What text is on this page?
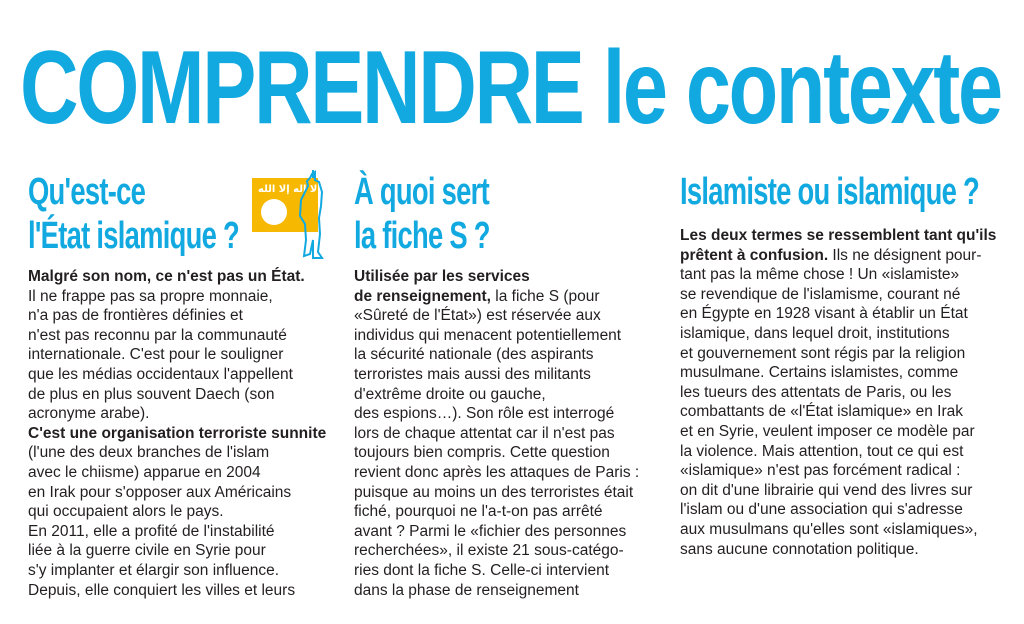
COMPRENDRE le contexte
لا إله إلا الله
Qu'est-ce
l'État islamique ?
Malgré son nom, ce n'est pas un État.
Il ne frappe pas sa propre monnaie,
n'a pas de frontières définies et
n'est pas reconnu par la communauté
internationale. C'est pour le souligner
que les médias occidentaux l'appellent
de plus en plus souvent Daech (son
acronyme arabe).
C'est une organisation terroriste sunnite
(l'une des deux branches de l'islam
avec le chiisme) apparue en 2004
en Irak pour s'opposer aux Américains
qui occupaient alors le pays.
En 2011, elle a profité de l'instabilité
liée à la guerre civile en Syrie pour
s'y implanter et élargir son influence.
Depuis, elle conquiert les villes et leurs
À quoi sert
la fiche S ?
Utilisée par les services
de renseignement, la fiche S (pour
«Sûreté de l'État») est réservée aux
individus qui menacent potentiellement
la sécurité nationale (des aspirants
terroristes mais aussi des militants
d'extrême droite ou gauche,
des espions…). Son rôle est interrogé
lors de chaque attentat car il n'est pas
toujours bien compris. Cette question
revient donc après les attaques de Paris :
puisque au moins un des terroristes était
fiché, pourquoi ne l'a-t-on pas arrêté
avant ? Parmi le «fichier des personnes
recherchées», il existe 21 sous-catégo-
ries dont la fiche S. Celle-ci intervient
dans la phase de renseignement
Islamiste ou islamique ?
Les deux termes se ressemblent tant qu'ils
prêtent à confusion. Ils ne désignent pour-
tant pas la même chose ! Un «islamiste»
se revendique de l'islamisme, courant né
en Égypte en 1928 visant à établir un État
islamique, dans lequel droit, institutions
et gouvernement sont régis par la religion
musulmane. Certains islamistes, comme
les tueurs des attentats de Paris, ou les
combattants de «l'État islamique» en Irak
et en Syrie, veulent imposer ce modèle par
la violence. Mais attention, tout ce qui est
«islamique» n'est pas forcément radical :
on dit d'une librairie qui vend des livres sur
l'islam ou d'une association qui s'adresse
aux musulmans qu'elles sont «islamiques»,
sans aucune connotation politique.
